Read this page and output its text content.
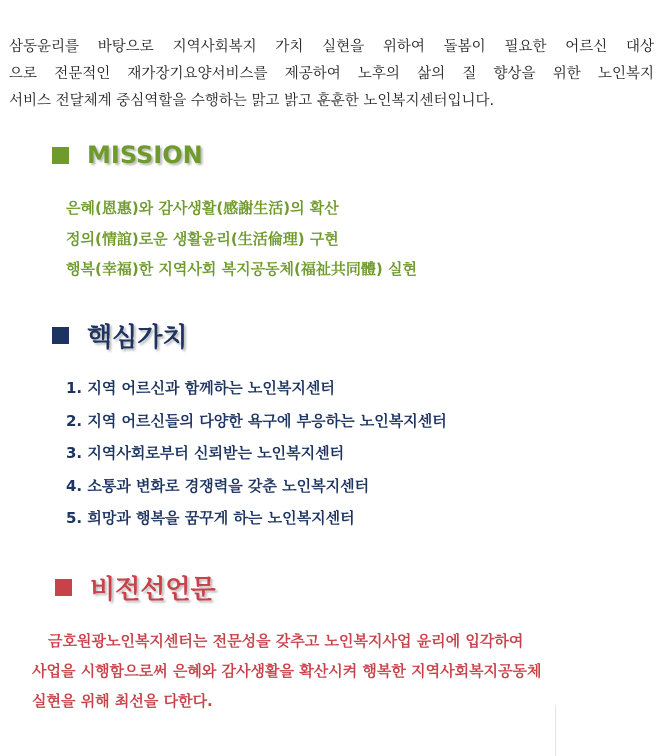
삼동윤리를 바탕으로 지역사회복지 가치 실현을 위하여 돌봄이 필요한 어르신 대상

으로 전문적인 재가장기요양서비스를 제공하여 노후의 삶의 질 향상을 위한 노인복지

서비스 전달체계 중심역할을 수행하는 맑고 밝고 훈훈한 노인복지센터입니다.

MISSION
은혜(恩惠)와 감사생활(感謝生活)의 확산
정의(情誼)로운 생활윤리(生活倫理) 구현
행복(幸福)한 지역사회 복지공동체(福祉共同體) 실현
핵심가치
1. 지역 어르신과 함께하는 노인복지센터
2. 지역 어르신들의 다양한 욕구에 부응하는 노인복지센터
3. 지역사회로부터 신뢰받는 노인복지센터
4. 소통과 변화로 경쟁력을 갖춘 노인복지센터
5. 희망과 행복을 꿈꾸게 하는 노인복지센터
비전선언문

금호원광노인복지센터는 전문성을 갖추고 노인복지사업 윤리에 입각하여

사업을 시행함으로써 은혜와 감사생활을 확산시켜 행복한 지역사회복지공동체

실현을 위해 최선을 다한다.
